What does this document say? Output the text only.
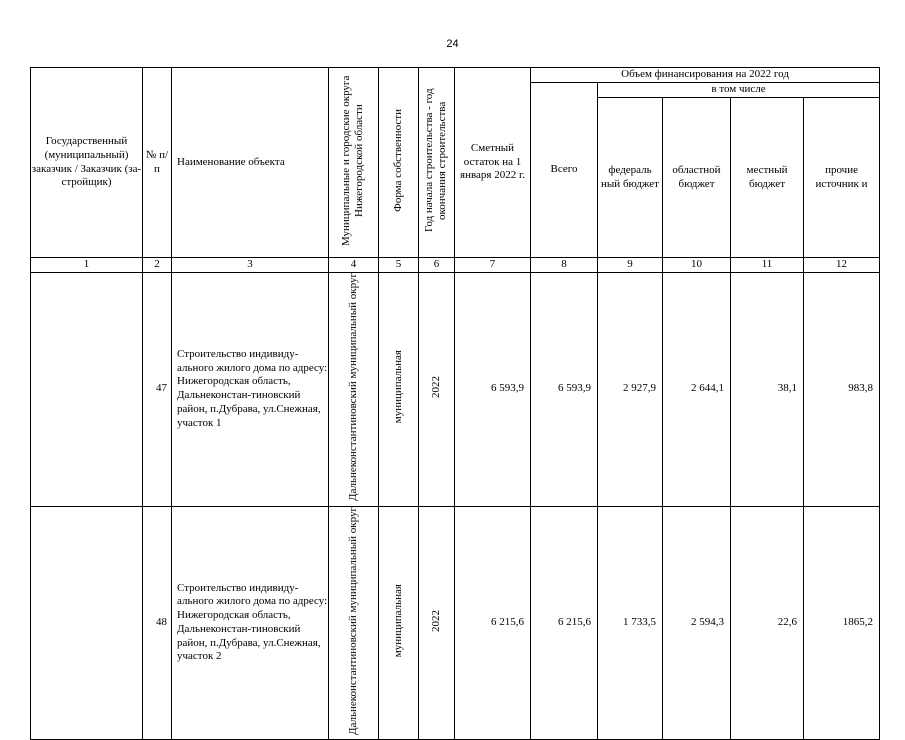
24
Государственный (муниципальный) заказчик / Заказчик (за-стройщик)	№ п/п	Наименование объекта	Муниципальные и городские округа Нижегородской области	Форма собственности	Год начала строительства - год окончания строительства	Сметный остаток на 1 января 2022 г.	Объем финансирования на 2022 год				
							Всего	в том числе			
								федераль ный бюджет	областной бюджет	местный бюджет	прочие источник и
1	2	3	4	5	6	7	8	9	10	11	12
	47	Строительство индивиду-ального жилого дома по адресу: Нижегородская область, Дальнеконстан-тиновский район, п.Дубрава, ул.Снежная, участок 1	Дальнеконстантиновский муниципальный округ	муниципальная	2022	6 593,9	6 593,9	2 927,9	2 644,1	38,1	983,8
	48	Строительство индивиду-ального жилого дома по адресу: Нижегородская область, Дальнеконстан-тиновский район, п.Дубрава, ул.Снежная, участок 2	Дальнеконстантиновский муниципальный округ	муниципальная	2022	6 215,6	6 215,6	1 733,5	2 594,3	22,6	1865,2
